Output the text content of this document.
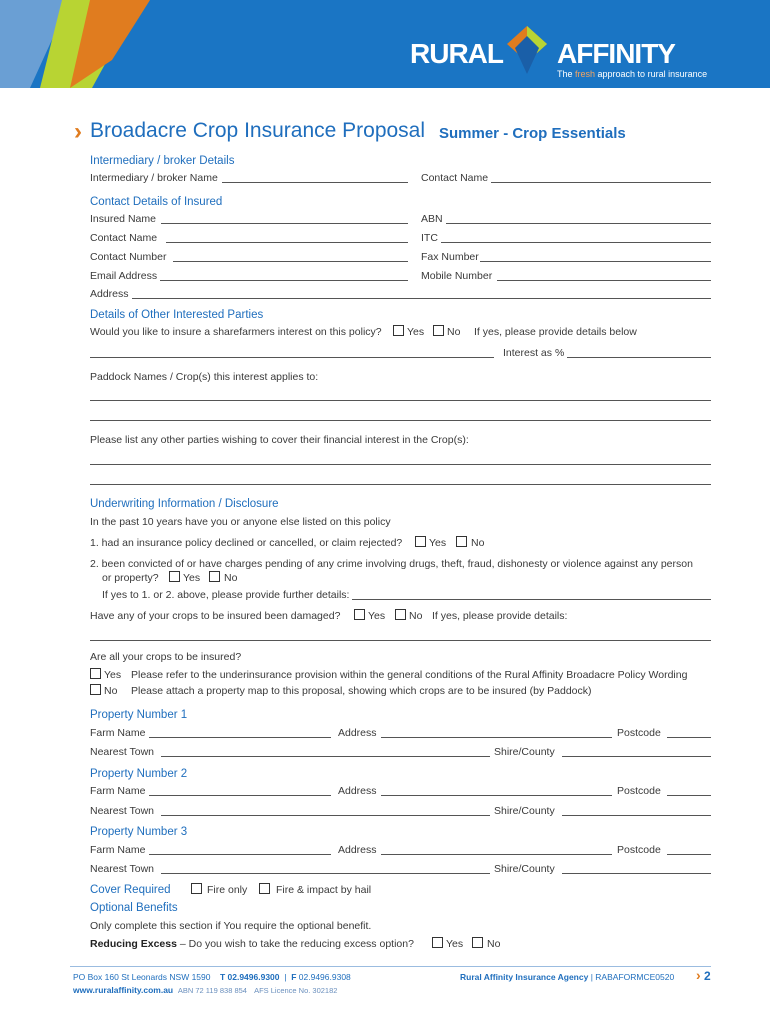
RURAL AFFINITY
The fresh approach to rural insurance
› Broadacre Crop Insurance Proposal Summer - Crop Essentials
Intermediary / broker Details
Intermediary / broker Name	Contact Name
Contact Details of Insured
Insured Name	ABN
Contact Name	ITC
Contact Number	Fax Number
Email Address	Mobile Number
Address
Details of Other Interested Parties
Would you like to insure a sharefarmers interest on this policy? Yes No If yes, please provide details below
Interest as %
Paddock Names / Crop(s) this interest applies to:
Please list any other parties wishing to cover their financial interest in the Crop(s):
Underwriting Information / Disclosure
In the past 10 years have you or anyone else listed on this policy
1. had an insurance policy declined or cancelled, or claim rejected?	Yes No
2. been convicted of or have charges pending of any crime involving drugs, theft, fraud, dishonesty or violence against any person
or property? Yes No
If yes to 1. or 2. above, please provide further details:
Have any of your crops to be insured been damaged?	Yes No If yes, please provide details:
Are all your crops to be insured?
Yes Please refer to the underinsurance provision within the general conditions of the Rural Affinity Broadacre Policy Wording
No Please attach a property map to this proposal, showing which crops are to be insured (by Paddock)
Property Number 1
Farm Name	Address	Postcode
Nearest Town	Shire/County
Property Number 2
Farm Name	Address	Postcode
Nearest Town	Shire/County
Property Number 3
Farm Name	Address	Postcode
Nearest Town	Shire/County
Cover Required	Fire only	Fire & impact by hail
Optional Benefits
Only complete this section if You require the optional benefit.
Reducing Excess – Do you wish to take the reducing excess option?	Yes No
PO Box 160 St Leonards NSW 1590 T 02.9496.9300 | F 02.9496.9308
www.ruralaffinity.com.au ABN 72 119 838 854 AFS Licence No. 302182
Rural Affinity Insurance Agency | RABAFORMCE0520 › 2
